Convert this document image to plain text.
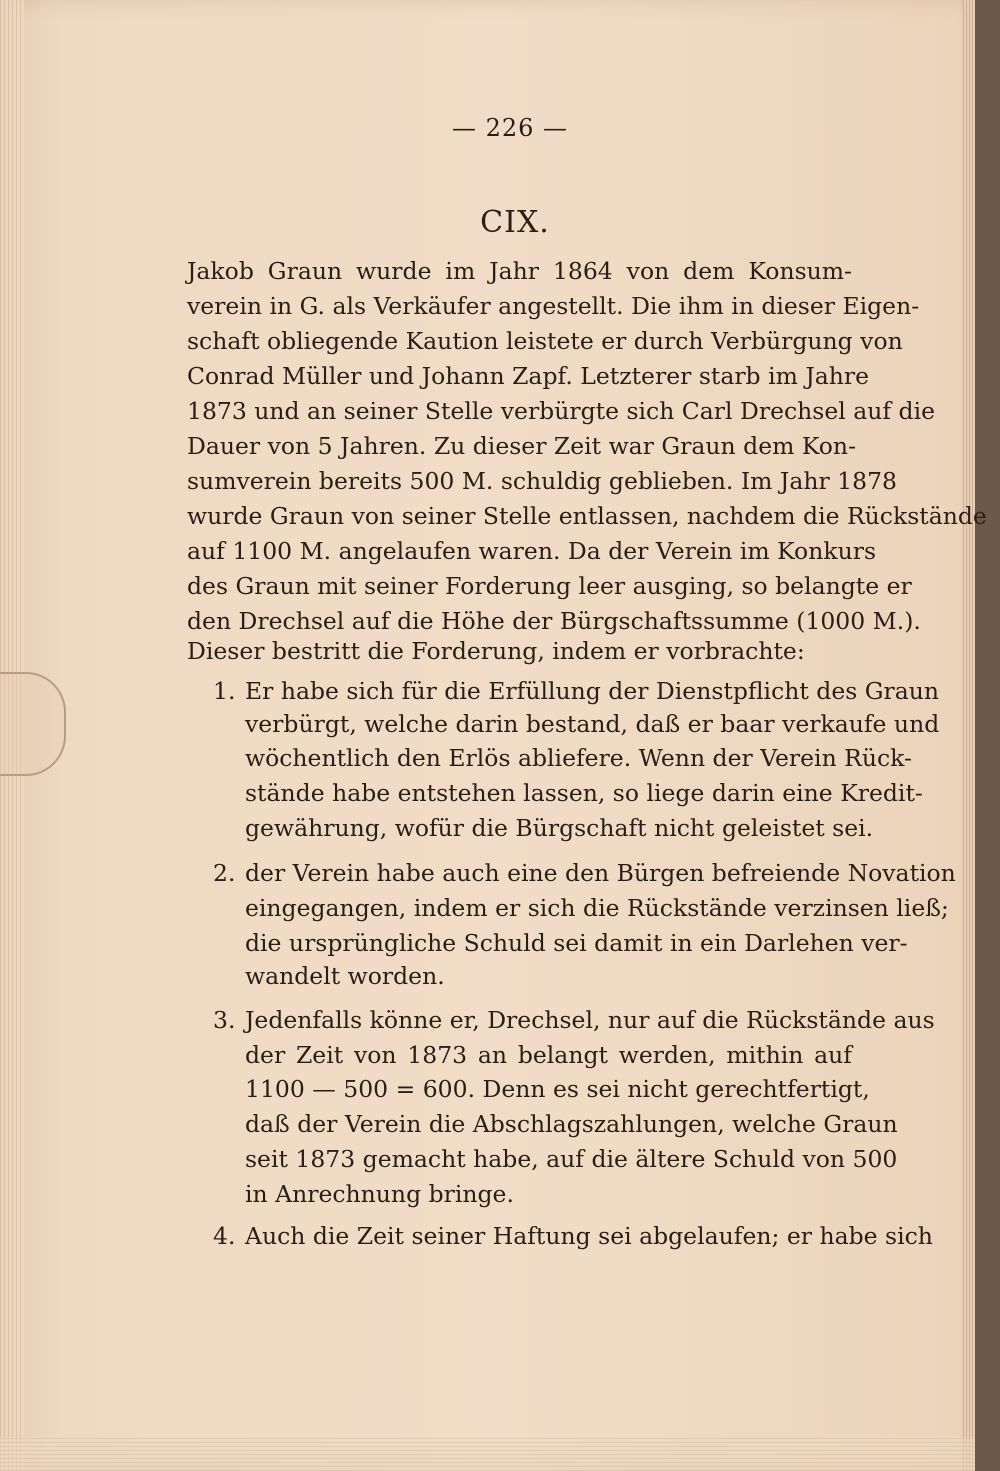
— 226 —
CIX.
Jakob Graun wurde im Jahr 1864 von dem Konsum-
verein in G. als Verkäufer angestellt. Die ihm in dieser Eigen-
schaft obliegende Kaution leistete er durch Verbürgung von
Conrad Müller und Johann Zapf. Letzterer starb im Jahre
1873 und an seiner Stelle verbürgte sich Carl Drechsel auf die
Dauer von 5 Jahren. Zu dieser Zeit war Graun dem Kon-
sumverein bereits 500 M. schuldig geblieben. Im Jahr 1878
wurde Graun von seiner Stelle entlassen, nachdem die Rückstände
auf 1100 M. angelaufen waren. Da der Verein im Konkurs
des Graun mit seiner Forderung leer ausging, so belangte er
den Drechsel auf die Höhe der Bürgschaftssumme (1000 M.).
Dieser bestritt die Forderung, indem er vorbrachte:
1. Er habe sich für die Erfüllung der Dienstpflicht des Graun
verbürgt, welche darin bestand, daß er baar verkaufe und
wöchentlich den Erlös abliefere. Wenn der Verein Rück-
stände habe entstehen lassen, so liege darin eine Kredit-
gewährung, wofür die Bürgschaft nicht geleistet sei.
2. der Verein habe auch eine den Bürgen befreiende Novation
eingegangen, indem er sich die Rückstände verzinsen ließ;
die ursprüngliche Schuld sei damit in ein Darlehen ver-
wandelt worden.
3. Jedenfalls könne er, Drechsel, nur auf die Rückstände aus
der Zeit von 1873 an belangt werden, mithin auf
1100 — 500 = 600. Denn es sei nicht gerechtfertigt,
daß der Verein die Abschlagszahlungen, welche Graun
seit 1873 gemacht habe, auf die ältere Schuld von 500
in Anrechnung bringe.
4. Auch die Zeit seiner Haftung sei abgelaufen; er habe sich
